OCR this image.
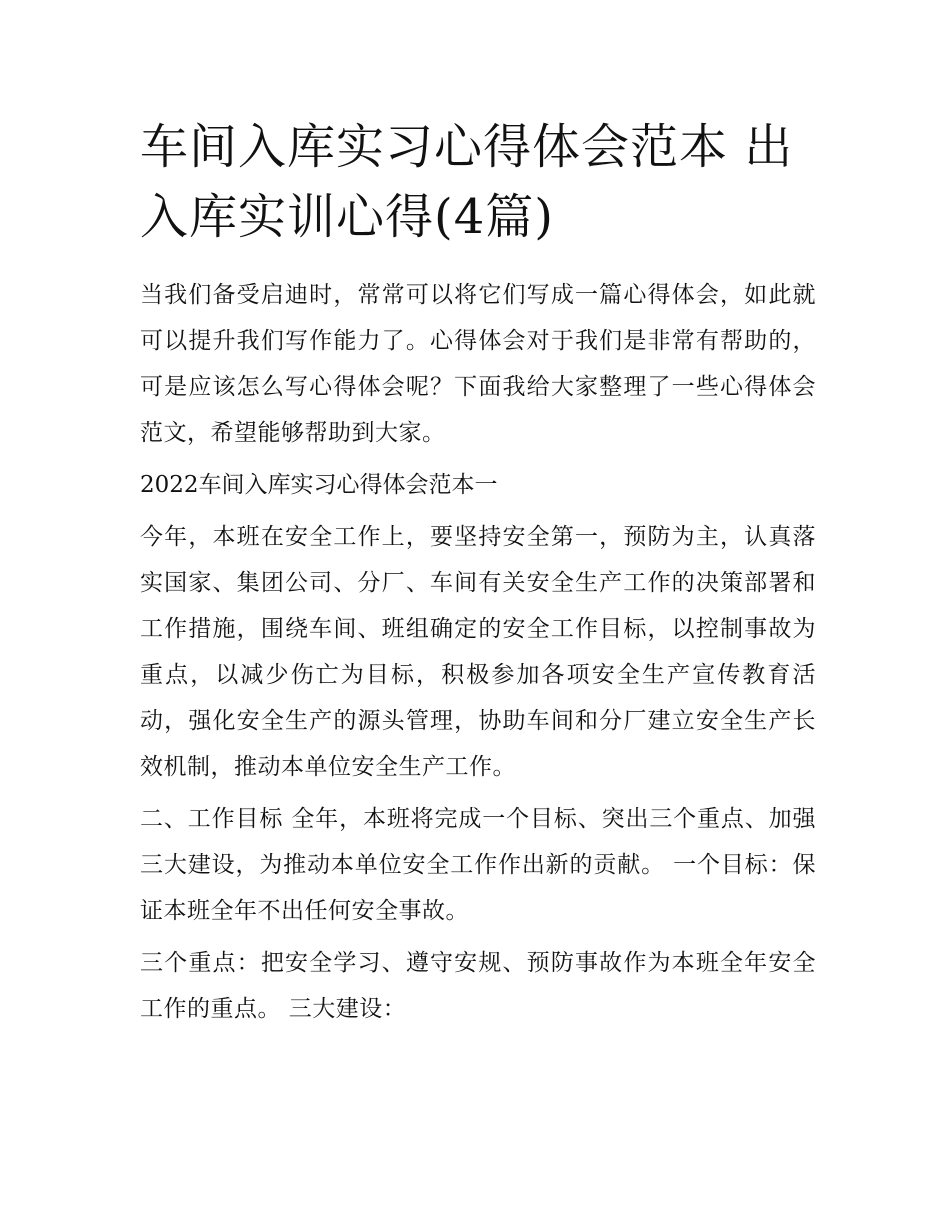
车间入库实习心得体会范本 出入库实训心得(4篇)

当我们备受启迪时，常常可以将它们写成一篇心得体会，如此就可以提升我们写作能力了。心得体会对于我们是非常有帮助的，可是应该怎么写心得体会呢？下面我给大家整理了一些心得体会范文，希望能够帮助到大家。

2022车间入库实习心得体会范本一

今年，本班在安全工作上，要坚持安全第一，预防为主，认真落实国家、集团公司、分厂、车间有关安全生产工作的决策部署和工作措施，围绕车间、班组确定的安全工作目标，以控制事故为重点，以减少伤亡为目标，积极参加各项安全生产宣传教育活动，强化安全生产的源头管理，协助车间和分厂建立安全生产长效机制，推动本单位安全生产工作。

二、工作目标 全年，本班将完成一个目标、突出三个重点、加强三大建设，为推动本单位安全工作作出新的贡献。 一个目标：保证本班全年不出任何安全事故。

三个重点：把安全学习、遵守安规、预防事故作为本班全年安全工作的重点。 三大建设：
